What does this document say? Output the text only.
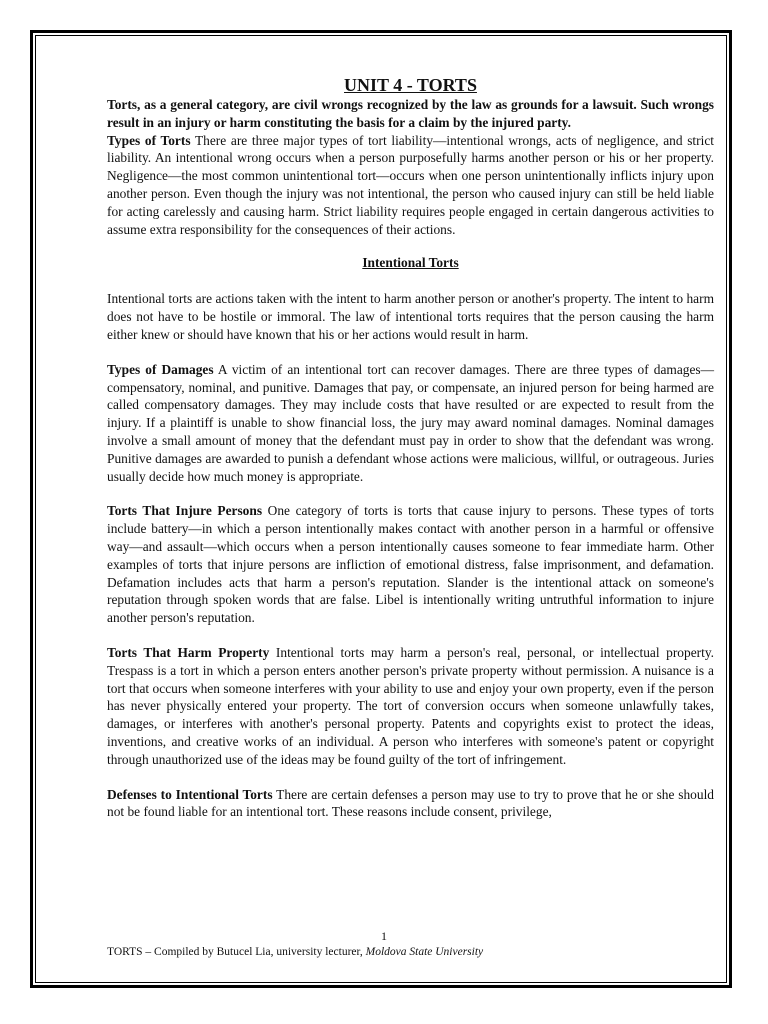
UNIT 4 - TORTS

Torts, as a general category, are civil wrongs recognized by the law as grounds for a lawsuit. Such wrongs result in an injury or harm constituting the basis for a claim by the injured party.

Types of Torts There are three major types of tort liability—intentional wrongs, acts of negligence, and strict liability. An intentional wrong occurs when a person purposefully harms another person or his or her property. Negligence—the most common unintentional tort—occurs when one person unintentionally inflicts injury upon another person. Even though the injury was not intentional, the person who caused injury can still be held liable for acting carelessly and causing harm. Strict liability requires people engaged in certain dangerous activities to assume extra responsibility for the consequences of their actions.

Intentional Torts

Intentional torts are actions taken with the intent to harm another person or another's property. The intent to harm does not have to be hostile or immoral. The law of intentional torts requires that the person causing the harm either knew or should have known that his or her actions would result in harm.

Types of Damages A victim of an intentional tort can recover damages. There are three types of damages—compensatory, nominal, and punitive. Damages that pay, or compensate, an injured person for being harmed are called compensatory damages. They may include costs that have resulted or are expected to result from the injury. If a plaintiff is unable to show financial loss, the jury may award nominal damages. Nominal damages involve a small amount of money that the defendant must pay in order to show that the defendant was wrong. Punitive damages are awarded to punish a defendant whose actions were malicious, willful, or outrageous. Juries usually decide how much money is appropriate.

Torts That Injure Persons One category of torts is torts that cause injury to persons. These types of torts include battery—in which a person intentionally makes contact with another person in a harmful or offensive way—and assault—which occurs when a person intentionally causes someone to fear immediate harm. Other examples of torts that injure persons are infliction of emotional distress, false imprisonment, and defamation. Defamation includes acts that harm a person's reputation. Slander is the intentional attack on someone's reputation through spoken words that are false. Libel is intentionally writing untruthful information to injure another person's reputation.

Torts That Harm Property Intentional torts may harm a person's real, personal, or intellectual property. Trespass is a tort in which a person enters another person's private property without permission. A nuisance is a tort that occurs when someone interferes with your ability to use and enjoy your own property, even if the person has never physically entered your property. The tort of conversion occurs when someone unlawfully takes, damages, or interferes with another's personal property. Patents and copyrights exist to protect the ideas, inventions, and creative works of an individual. A person who interferes with someone's patent or copyright through unauthorized use of the ideas may be found guilty of the tort of infringement.

Defenses to Intentional Torts There are certain defenses a person may use to try to prove that he or she should not be found liable for an intentional tort. These reasons include consent, privilege,

1
TORTS – Compiled by Butucel Lia, university lecturer, Moldova State University
